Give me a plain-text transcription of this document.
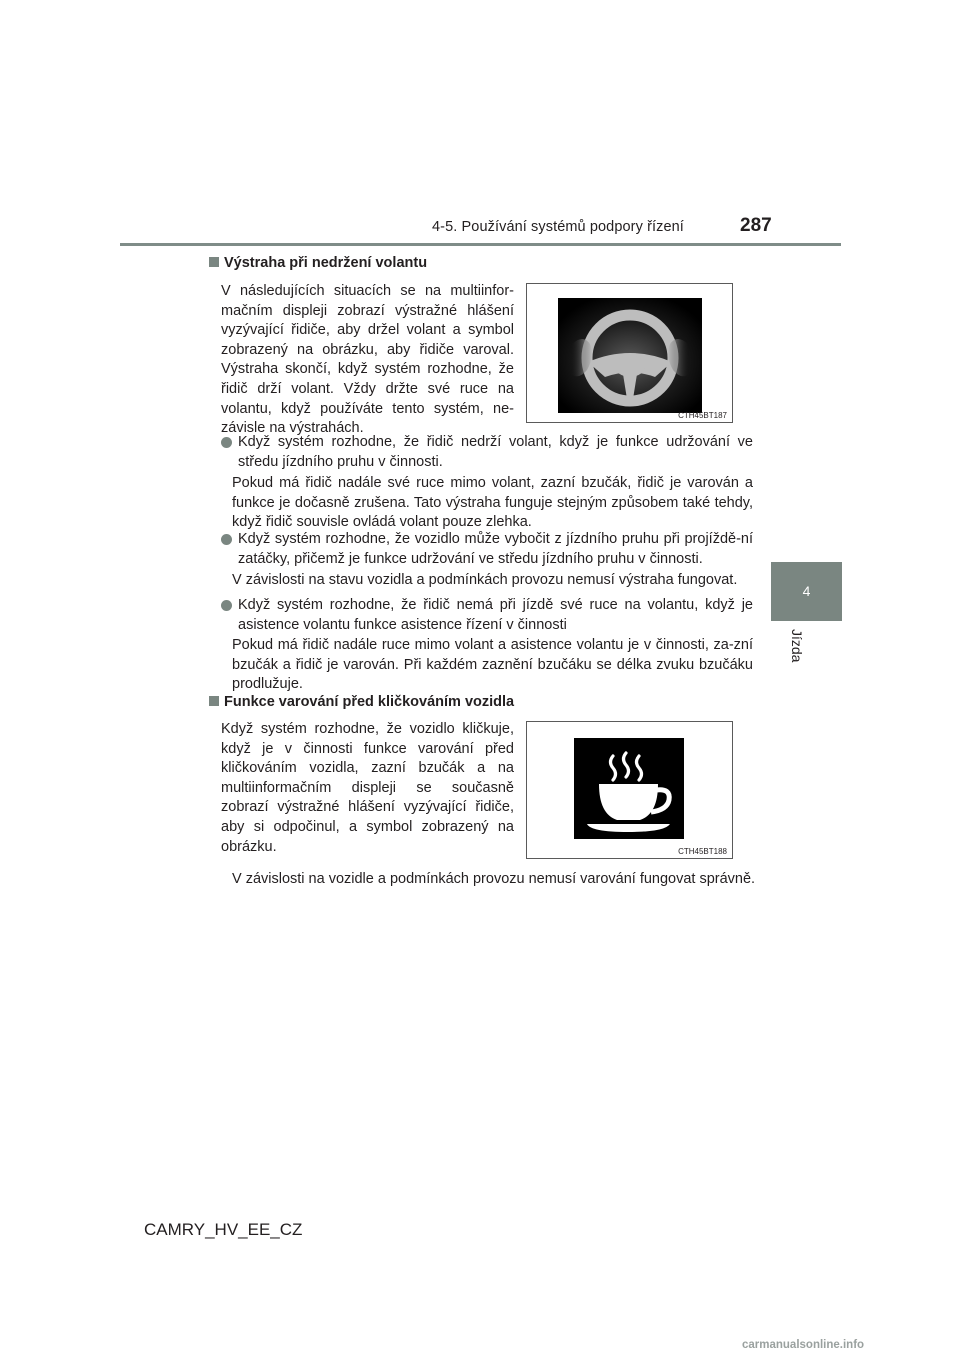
4-5. Používání systémů podpory řízení	287
4
Jízda
Výstraha při nedržení volantu

V následujících situacích se na multiinfor-mačním displeji zobrazí výstražné hlášení vyzývající řidiče, aby držel volant a symbol zobrazený na obrázku, aby řidiče varoval. Výstraha skončí, když systém rozhodne, že řidič drží volant. Vždy držte své ruce na volantu, když používáte tento systém, ne-závisle na výstrahách.

CTH45BT187
Když systém rozhodne, že řidič nedrží volant, když je funkce udržování ve středu jízdního pruhu v činnosti.

Pokud má řidič nadále své ruce mimo volant, zazní bzučák, řidič je varován a funkce je dočasně zrušena. Tato výstraha funguje stejným způsobem také tehdy, když řidič souvisle ovládá volant pouze zlehka.

Když systém rozhodne, že vozidlo může vybočit z jízdního pruhu při projíždě-ní zatáčky, přičemž je funkce udržování ve středu jízdního pruhu v činnosti.

V závislosti na stavu vozidla a podmínkách provozu nemusí výstraha fungovat.

Když systém rozhodne, že řidič nemá při jízdě své ruce na volantu, když je asistence volantu funkce asistence řízení v činnosti

Pokud má řidič nadále ruce mimo volant a asistence volantu je v činnosti, za-zní bzučák a řidič je varován. Při každém zaznění bzučáku se délka zvuku bzučáku prodlužuje.

Funkce varování před kličkováním vozidla

Když systém rozhodne, že vozidlo kličkuje, když je v činnosti funkce varování před kličkováním vozidla, zazní bzučák a na multiinformačním displeji se současně zobrazí výstražné hlášení vyzývající řidiče, aby si odpočinul, a symbol zobrazený na obrázku.	CTH45BT188

V závislosti na vozidle a podmínkách provozu nemusí varování fungovat správně.

CAMRY_HV_EE_CZ
carmanualsonline.info
